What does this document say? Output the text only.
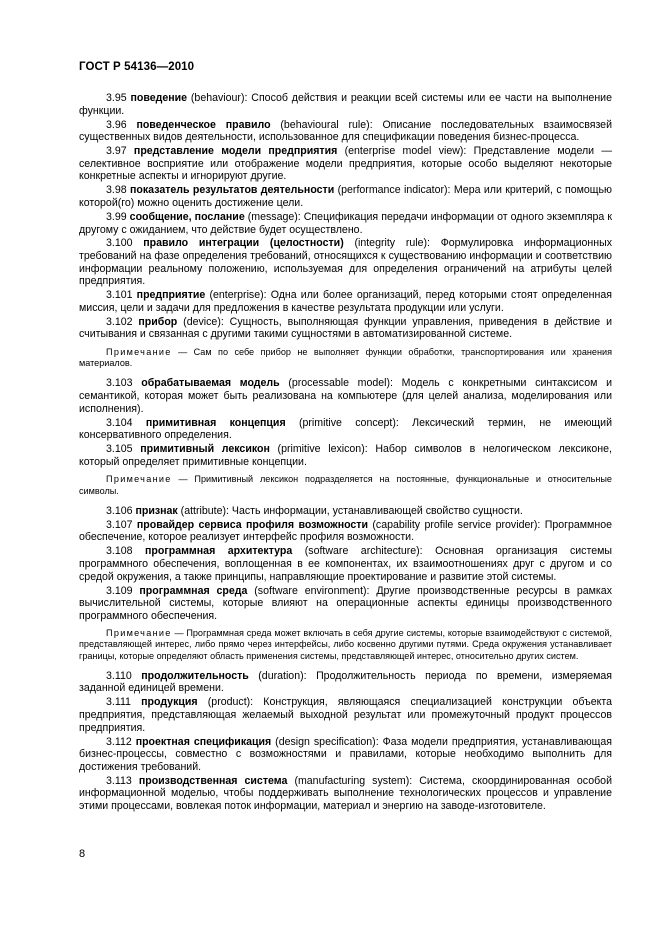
ГОСТ Р 54136—2010

3.95 поведение (behaviour): Способ действия и реакции всей системы или ее части на выполнение функции.

3.96 поведенческое правило (behavioural rule): Описание последовательных взаимосвязей существенных видов деятельности, использованное для спецификации поведения бизнес-процесса.

3.97 представление модели предприятия (enterprise model view): Представление модели — селективное восприятие или отображение модели предприятия, которые особо выделяют некоторые конкретные аспекты и игнорируют другие.

3.98 показатель результатов деятельности (performance indicator): Мера или критерий, с помощью которой(го) можно оценить достижение цели.

3.99 сообщение, послание (message): Спецификация передачи информации от одного экземпляра к другому с ожиданием, что действие будет осуществлено.

3.100 правило интеграции (целостности) (integrity rule): Формулировка информационных требований на фазе определения требований, относящихся к существованию информации и соответствию информации реальному положению, используемая для определения ограничений на атрибуты целей предприятия.

3.101 предприятие (enterprise): Одна или более организаций, перед которыми стоят определенная миссия, цели и задачи для предложения в качестве результата продукции или услуги.

3.102 прибор (device): Сущность, выполняющая функции управления, приведения в действие и считывания и связанная с другими такими сущностями в автоматизированной системе.

Примечание — Сам по себе прибор не выполняет функции обработки, транспортирования или хранения материалов.

3.103 обрабатываемая модель (processable model): Модель с конкретными синтаксисом и семантикой, которая может быть реализована на компьютере (для целей анализа, моделирования или исполнения).

3.104 примитивная концепция (primitive concept): Лексический термин, не имеющий консервативного определения.

3.105 примитивный лексикон (primitive lexicon): Набор символов в нелогическом лексиконе, который определяет примитивные концепции.

Примечание — Примитивный лексикон подразделяется на постоянные, функциональные и относительные символы.

3.106 признак (attribute): Часть информации, устанавливающей свойство сущности.

3.107 провайдер сервиса профиля возможности (capability profile service provider): Программное обеспечение, которое реализует интерфейс профиля возможности.

3.108 программная архитектура (software architecture): Основная организация системы программного обеспечения, воплощенная в ее компонентах, их взаимоотношениях друг с другом и со средой окружения, а также принципы, направляющие проектирование и развитие этой системы.

3.109 программная среда (software environment): Другие производственные ресурсы в рамках вычислительной системы, которые влияют на операционные аспекты единицы производственного программного обеспечения.

Примечание — Программная среда может включать в себя другие системы, которые взаимодействуют с системой, представляющей интерес, либо прямо через интерфейсы, либо косвенно другими путями. Среда окружения устанавливает границы, которые определяют область применения системы, представляющей интерес, относительно других систем.

3.110 продолжительность (duration): Продолжительность периода по времени, измеряемая заданной единицей времени.

3.111 продукция (product): Конструкция, являющаяся специализацией конструкции объекта предприятия, представляющая желаемый выходной результат или промежуточный продукт процессов предприятия.

3.112 проектная спецификация (design specification): Фаза модели предприятия, устанавливающая бизнес-процессы, совместно с возможностями и правилами, которые необходимо выполнить для достижения требований.

3.113 производственная система (manufacturing system): Система, скоординированная особой информационной моделью, чтобы поддерживать выполнение технологических процессов и управление этими процессами, вовлекая поток информации, материал и энергию на заводе-изготовителе.

8
